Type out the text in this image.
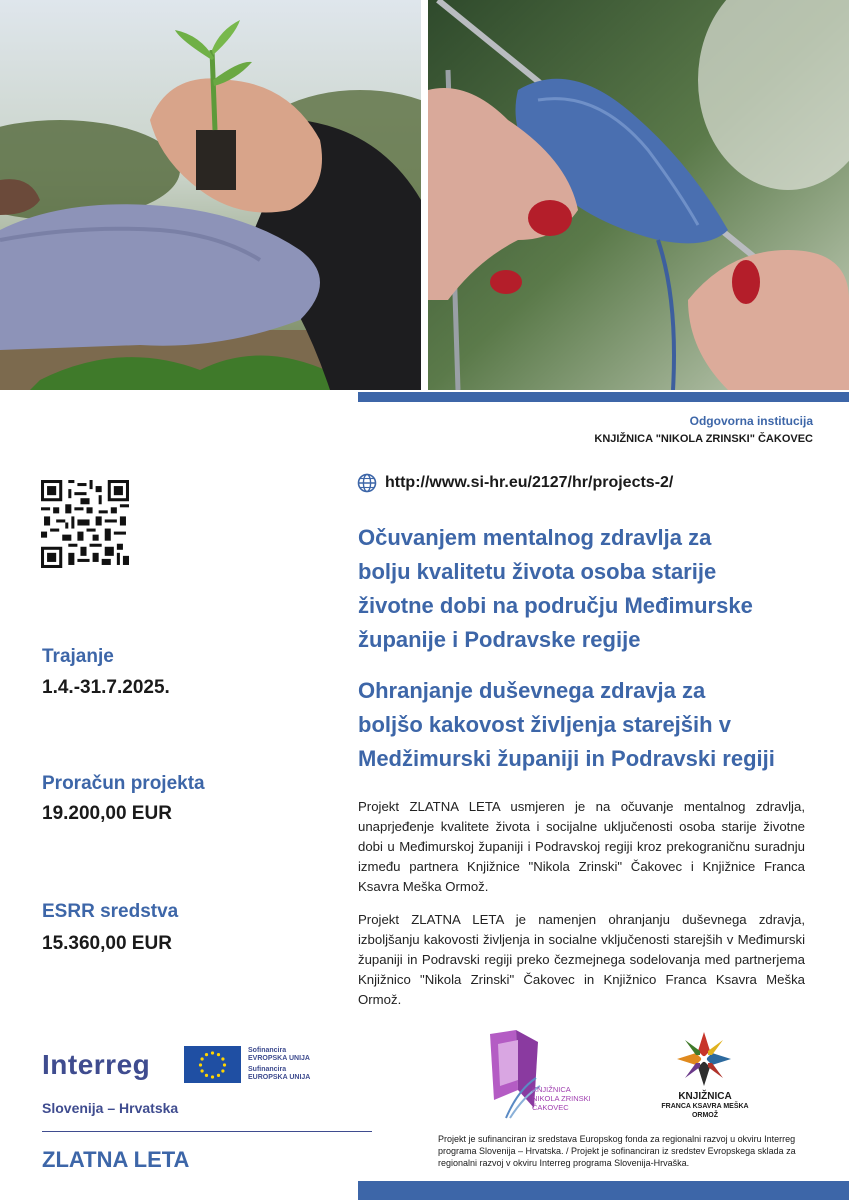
Odgovorna institucija
KNJIŽNICA "NIKOLA ZRINSKI" ČAKOVEC
Trajanje
1.4.-31.7.2025.
Proračun projekta
19.200,00 EUR
ESRR sredstva
15.360,00 EUR
http://www.si-hr.eu/2127/hr/projects-2/
Očuvanjem mentalnog zdravlja za
bolju kvalitetu života osoba starije
životne dobi na području Međimurske
županije i Podravske regije
Ohranjanje duševnega zdravja za
boljšo kakovost življenja starejših v
Medžimurski županiji in Podravski regiji

Projekt ZLATNA LETA usmjeren je na očuvanje mentalnog zdravlja, unaprjeđenje kvalitete života i socijalne uključenosti osoba starije životne dobi u Međimurskoj županiji i Podravskoj regiji kroz prekograničnu suradnju između partnera Knjižnice "Nikola Zrinski" Čakovec i Knjižnice Franca Ksavra Meška Ormož.

Projekt ZLATNA LETA je namenjen ohranjanju duševnega zdravja, izboljšanju kakovosti življenja in socialne vključenosti starejših v Međimurski županiji in Podravski regiji preko čezmejnega sodelovanja med partnerjema Knjižnico "Nikola Zrinski" Čakovec in Knjižnico Franca Ksavra Meška Ormož.

Interreg	Sofinancira
EVROPSKA UNIJA
Sufinancira
EUROPSKA UNIJA
Slovenija – Hrvatska
ZLATNA LETA
KNJIŽNICA
NIKOLA ZRINSKI
ČAKOVEC
KNJIŽNICA
FRANCA KSAVRA MEŠKA
ORMOŽ

Projekt je sufinanciran iz sredstava Europskog fonda za regionalni razvoj u okviru Interreg programa Slovenija – Hrvatska. / Projekt je sofinanciran iz sredstev Evropskega sklada za regionalni razvoj v okviru Interreg programa Slovenija-Hrvaška.
